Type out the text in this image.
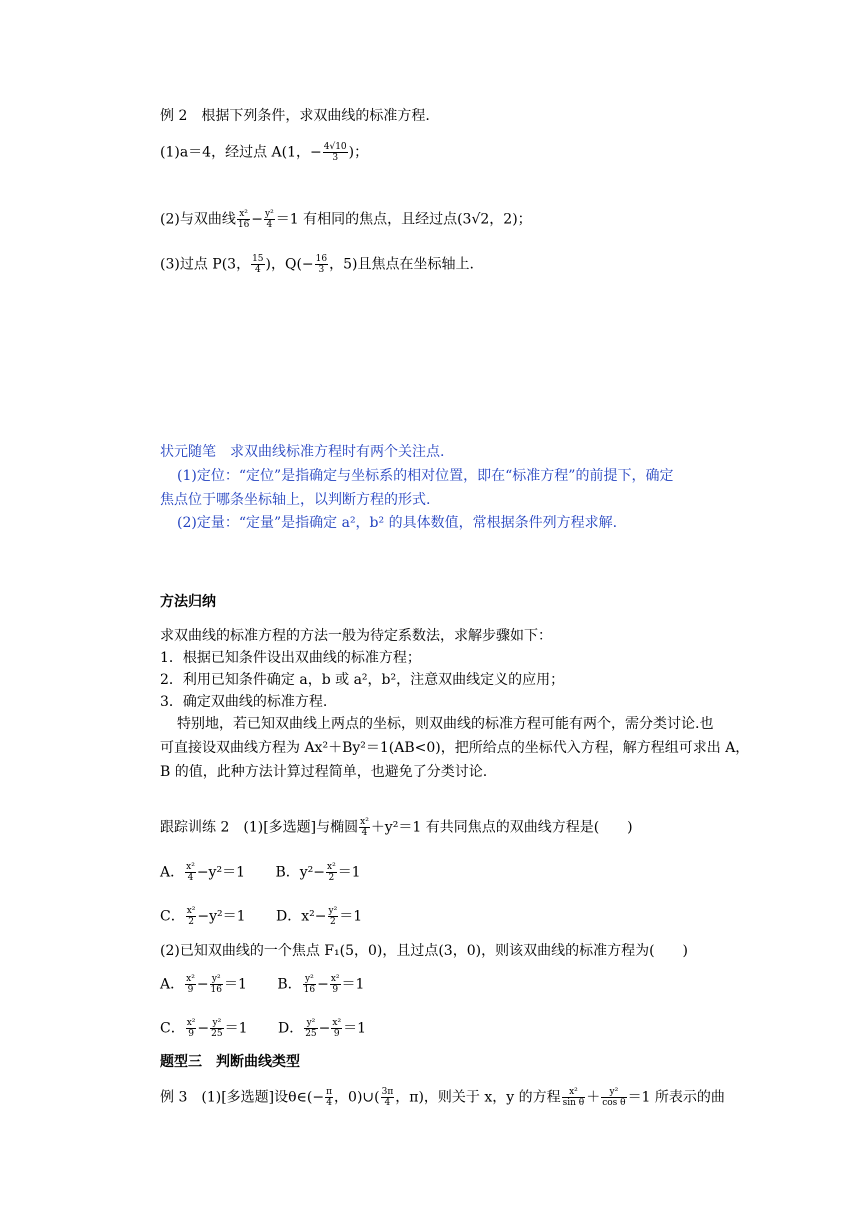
例 2　根据下列条件，求双曲线的标准方程.
(1)a＝4，经过点 A(1，− $\frac{4√10}{3}$ )；
(2)与双曲线 $\frac{\text{x²}}{16} - \frac{\text{y²}}{4} =1$ 有相同的焦点，且经过点(3√2，2)；
(3)过点 P(3， $\frac{15}{4}$ )，$Q(- \frac{16}{3}$ ，5)且焦点在坐标轴上.
状元随笔　求双曲线标准方程时有两个关注点.
(1)定位：“定位”是指确定与坐标系的相对位置，即在“标准方程”的前提下，确定
焦点位于哪条坐标轴上，以判断方程的形式.
(2)定量：“定量”是指确定 a²，b² 的具体数值，常根据条件列方程求解.
方法归纳
求双曲线的标准方程的方法一般为待定系数法，求解步骤如下：
1．根据已知条件设出双曲线的标准方程；
2．利用已知条件确定 a，b 或 a²，b²，注意双曲线定义的应用；
3．确定双曲线的标准方程.
特别地，若已知双曲线上两点的坐标，则双曲线的标准方程可能有两个，需分类讨论.也
可直接设双曲线方程为 Ax²＋By²＝1(AB<0)，把所给点的坐标代入方程，解方程组可求出 A，
B 的值，此种方法计算过程简单，也避免了分类讨论.
跟踪训练 2　(1)[多选题]与椭圆 $\frac{\text{x²}}{4} +y^2=1$ 有共同焦点的双曲线方程是(　　)
A． $\frac{\text{x²}}{4} -y^2=1$ B．$y^2- \frac{\text{x²}}{2} =1$
C． $\frac{\text{x²}}{2} -y^2=1$ D．$x^2- \frac{\text{y²}}{2} =1$
(2)已知双曲线的一个焦点 F₁(5，0)，且过点(3，0)，则该双曲线的标准方程为(　　)
A． $\frac{\text{x²}}{9} - \frac{\text{y²}}{16} =1$ B． $\frac{\text{y²}}{16} - \frac{\text{x²}}{9} =1$
C． $\frac{\text{x²}}{9} - \frac{\text{y²}}{25} =1$ D． $\frac{\text{y²}}{25} - \frac{\text{x²}}{9} =1$
题型三　判断曲线类型
例 3　(1)[多选题]设θ∈(− $\frac{\pi}{4}$ ，0)∪( $\frac{3\pi}{4}$ ，π)，则关于 x，y 的方程 $\frac{\text{x²}}{\text{sin θ}} + \frac{\text{y²}}{\text{cos θ}} =1$ 所表示的曲
